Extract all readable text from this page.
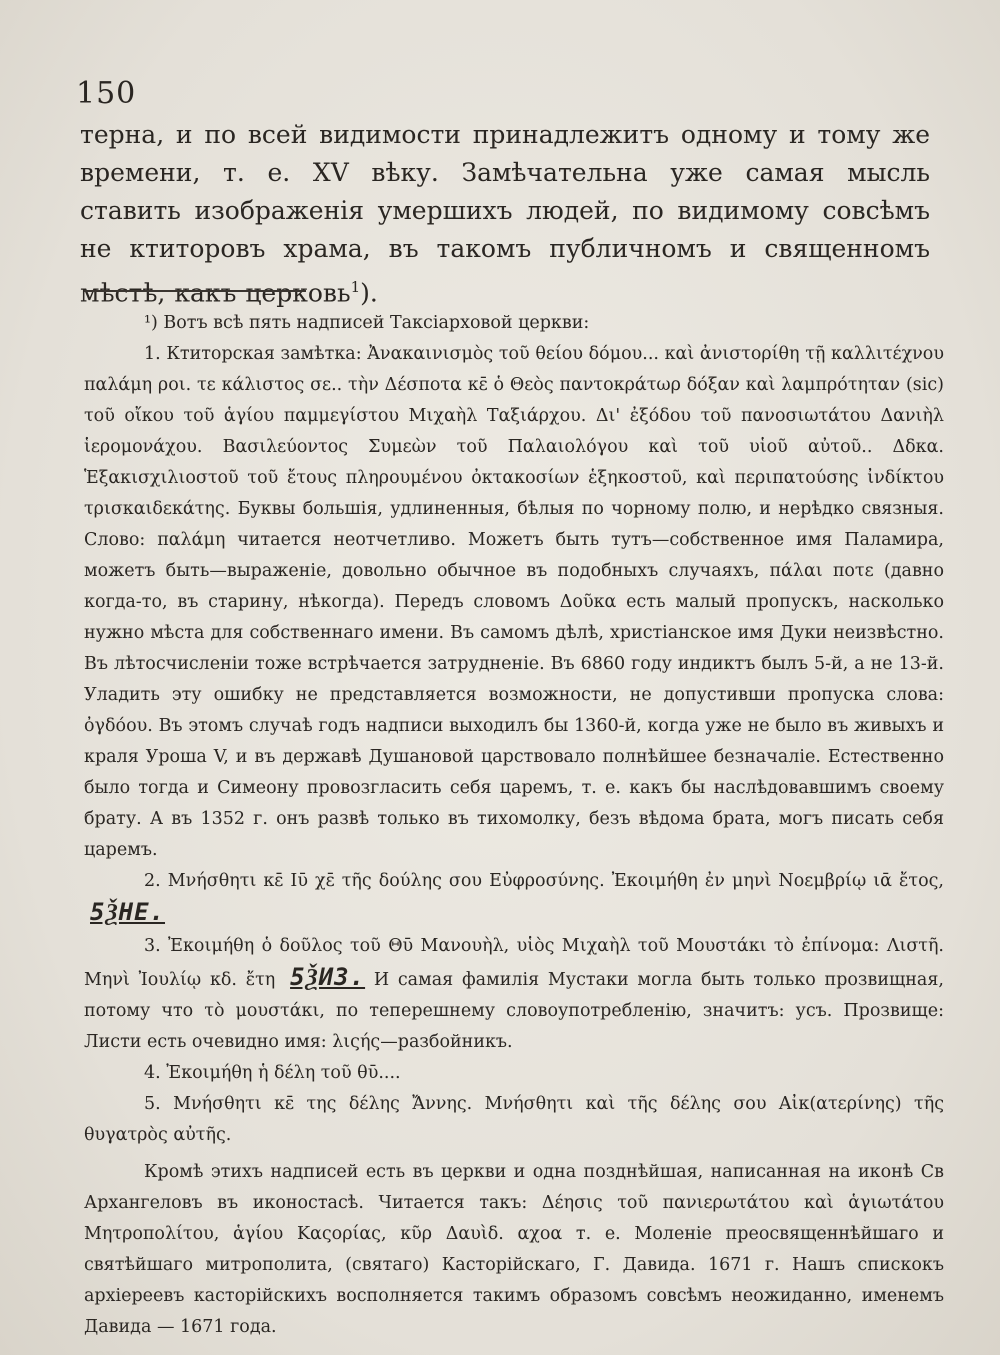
150
терна, и по всей видимости принадлежитъ одному и тому же времени, т. е. XV вѣку. Замѣчательна уже самая мысль ставить изображенія умершихъ людей, по видимому совсѣмъ не ктиторовъ храма, въ такомъ публичномъ и священномъ мѣстѣ, какъ церковь$^1$).

¹) Вотъ всѣ пять надписей Таксіарховой церкви:

1. Ктиторская замѣтка: Ἀνακαινισμὸς τοῦ θείου δόμου... καὶ ἀνιστορίθη τῇ καλλιτέχνου παλάμη ροι. τε κάλιστος σε.. τὴν Δέσποτα κε̄ ὁ Θεὸς παντοκράτωρ δόξαν καὶ λαμπρότηταν (sic) τοῦ οἴκου τοῦ ἁγίου παμμεγίστου Μιχαὴλ Ταξιάρχου. Δι' ἐξόδου τοῦ πανοσιωτάτου Δανιὴλ ἱερομονάχου. Βασιλεύοντος Συμεὼν τοῦ Παλαιολόγου καὶ τοῦ υἱοῦ αὐτοῦ.. Δδκα. Ἑξακισχιλιοστοῦ τοῦ ἔτους πληρουμένου ὀκτακοσίων ἑξηκοστοῦ, καὶ περιπατούσης ἰνδίκτου τρισκαιδεκάτης. Буквы большія, удлиненныя, бѣлыя по чорному полю, и нерѣдко связныя. Слово: παλάμη читается неотчетливо. Можетъ быть тутъ—собственное имя Паламира, можетъ быть—выраженіе, довольно обычное въ подобныхъ случаяхъ, πάλαι ποτε (давно когда-то, въ старину, нѣкогда). Передъ словомъ Δοῦκα есть малый пропускъ, насколько нужно мѣста для собственнаго имени. Въ самомъ дѣлѣ, христіанское имя Дуки неизвѣстно. Въ лѣтосчисленіи тоже встрѣчается затрудненіе. Въ 6860 году индиктъ былъ 5-й, а не 13-й. Уладить эту ошибку не представляется возможности, не допустивши пропуска слова: ὀγδόου. Въ этомъ случаѣ годъ надписи выходилъ бы 1360-й, когда уже не было въ живыхъ и краля Уроша V, и въ державѣ Душановой царствовало полнѣйшее безначаліе. Естественно было тогда и Симеону провозгласить себя царемъ, т. е. какъ бы наслѣдовавшимъ своему брату. А въ 1352 г. онъ развѣ только въ тихомолку, безъ вѣдома брата, могъ писать себя царемъ.

2. Μνήσθητι κε̄ Ιῡ χε̄ τῆς δούλης σου Εὐφροσύνης. Ἐκοιμήθη ἐν μηνὶ Νοεμβρίῳ ιᾱ ἔτος, 5ѮНЕ.

3. Ἐκοιμήθη ὁ δοῦλος τοῦ Θῡ Μανουὴλ, υἱὸς Μιχαὴλ τοῦ Μουστάκι τὸ ἐπίνομα: Λιστῆ. Μηνὶ Ἰουλίῳ κδ. ἔτη 5ѮИЗ. И самая фамилія Мустаки могла быть только прозвищная, потому что τὸ μουστάκι, по теперешнему словоупотребленію, значитъ: усъ. Прозвище: Листи есть очевидно имя: λιςής—разбойникъ.

4. Ἐκοιμήθη ἡ δέλη τοῦ θῡ....

5. Μνήσθητι κε̄ της δέλης Ἄννης. Μνήσθητι καὶ τῆς δέλης σου Αἰκ(ατερίνης) τῆς θυγατρὸς αὐτῆς.

Кромѣ этихъ надписей есть въ церкви и одна позднѣйшая, написанная на иконѣ Св Архангеловъ въ иконостасѣ. Читается такъ: Δέησις τοῦ πανιερωτάτου καὶ ἁγιωτάτου Μητροπολίτου, ἁγίου Καςορίας, κῦρ Δαυὶδ. αχοα т. е. Моленіе преосвященнѣйшаго и святѣйшаго митрополита, (святаго) Касторійскаго, Г. Давида. 1671 г. Нашъ спискокъ архіереевъ касторійскихъ восполняется такимъ образомъ совсѣмъ неожиданно, именемъ Давида — 1671 года.
